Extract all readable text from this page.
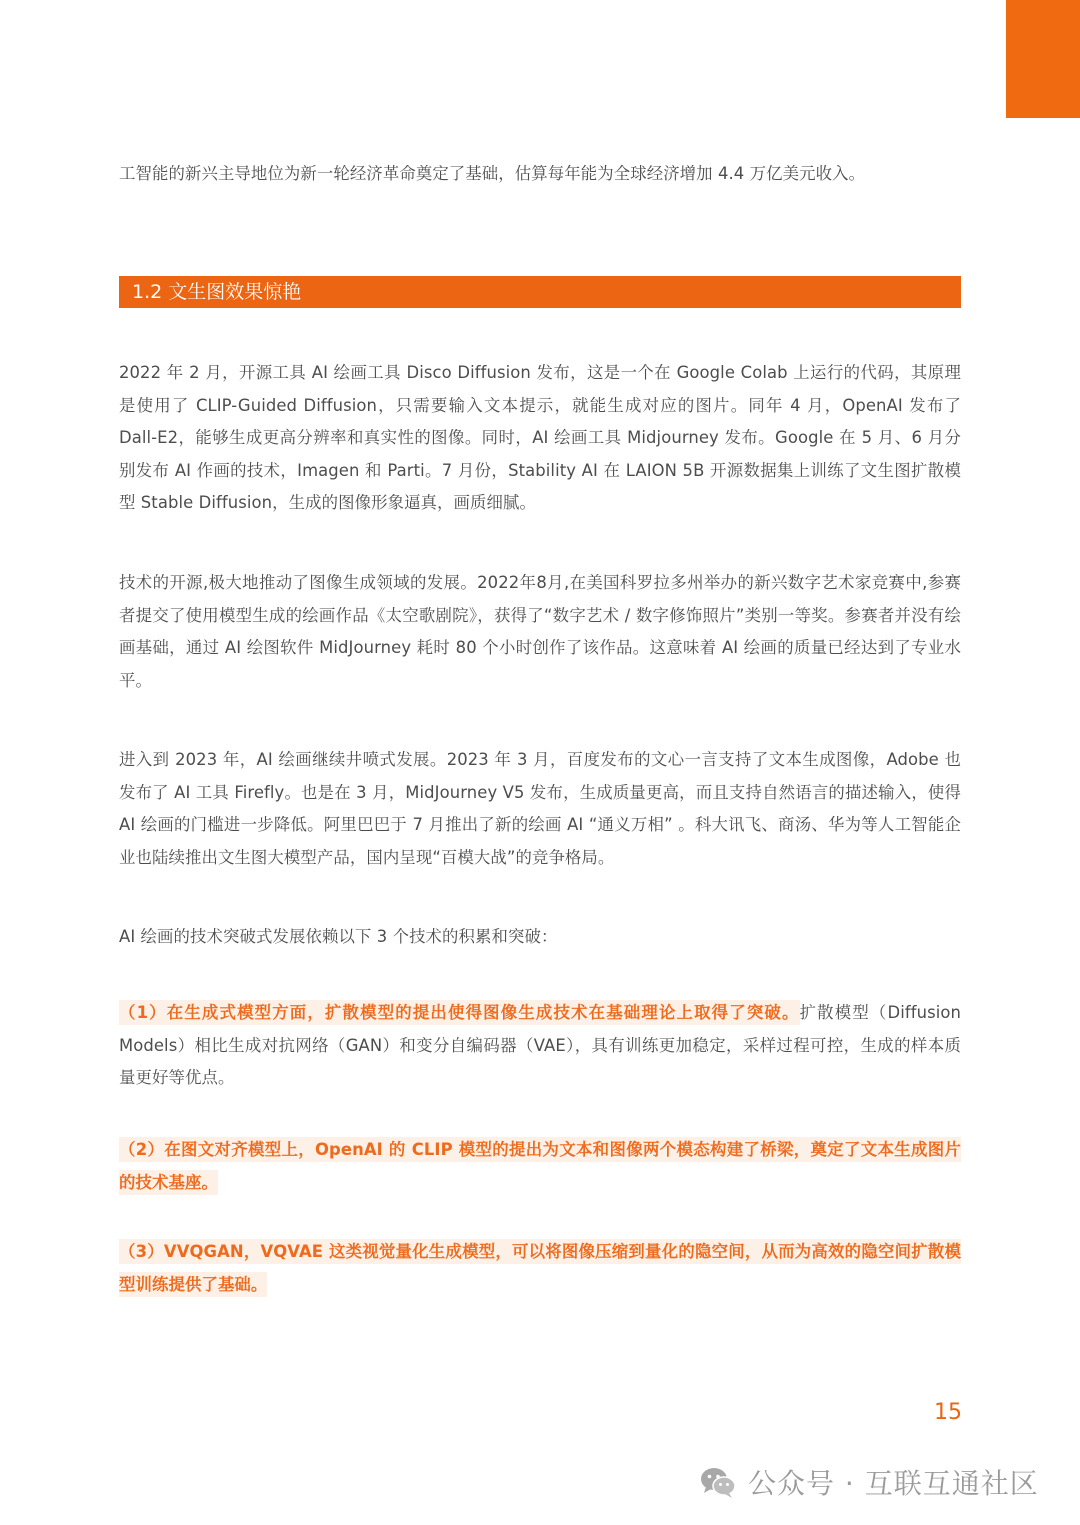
工智能的新兴主导地位为新一轮经济革命奠定了基础，估算每年能为全球经济增加 4.4 万亿美元收入。
1.2 文生图效果惊艳

2022 年 2 月，开源工具 AI 绘画工具 Disco Diffusion 发布，这是一个在 Google Colab 上运行的代码，其原理是使用了 CLIP-Guided Diffusion，只需要输入文本提示，就能生成对应的图片。同年 4 月，OpenAI 发布了 Dall-E2，能够生成更高分辨率和真实性的图像。同时，AI 绘画工具 Midjourney 发布。Google 在 5 月、6 月分别发布 AI 作画的技术，Imagen 和 Parti。7 月份，Stability AI 在 LAION 5B 开源数据集上训练了文生图扩散模型 Stable Diffusion，生成的图像形象逼真，画质细腻。

技术的开源,极大地推动了图像生成领域的发展。2022年8月,在美国科罗拉多州举办的新兴数字艺术家竞赛中,参赛者提交了使用模型生成的绘画作品《太空歌剧院》，获得了“数字艺术 / 数字修饰照片”类别一等奖。参赛者并没有绘画基础，通过 AI 绘图软件 MidJourney 耗时 80 个小时创作了该作品。这意味着 AI 绘画的质量已经达到了专业水平。

进入到 2023 年，AI 绘画继续井喷式发展。2023 年 3 月，百度发布的文心一言支持了文本生成图像，Adobe 也发布了 AI 工具 Firefly。也是在 3 月，MidJourney V5 发布，生成质量更高，而且支持自然语言的描述输入，使得 AI 绘画的门槛进一步降低。阿里巴巴于 7 月推出了新的绘画 AI “通义万相” 。科大讯飞、商汤、华为等人工智能企业也陆续推出文生图大模型产品，国内呈现“百模大战”的竞争格局。

AI 绘画的技术突破式发展依赖以下 3 个技术的积累和突破：

（1）在生成式模型方面，扩散模型的提出使得图像生成技术在基础理论上取得了突破。扩散模型（Diffusion Models）相比生成对抗网络（GAN）和变分自编码器（VAE），具有训练更加稳定，采样过程可控，生成的样本质量更好等优点。

（2）在图文对齐模型上，OpenAI 的 CLIP 模型的提出为文本和图像两个模态构建了桥梁，奠定了文本生成图片的技术基座。

（3）VVQGAN，VQVAE 这类视觉量化生成模型，可以将图像压缩到量化的隐空间，从而为高效的隐空间扩散模型训练提供了基础。

15
公众号 · 互联互通社区
